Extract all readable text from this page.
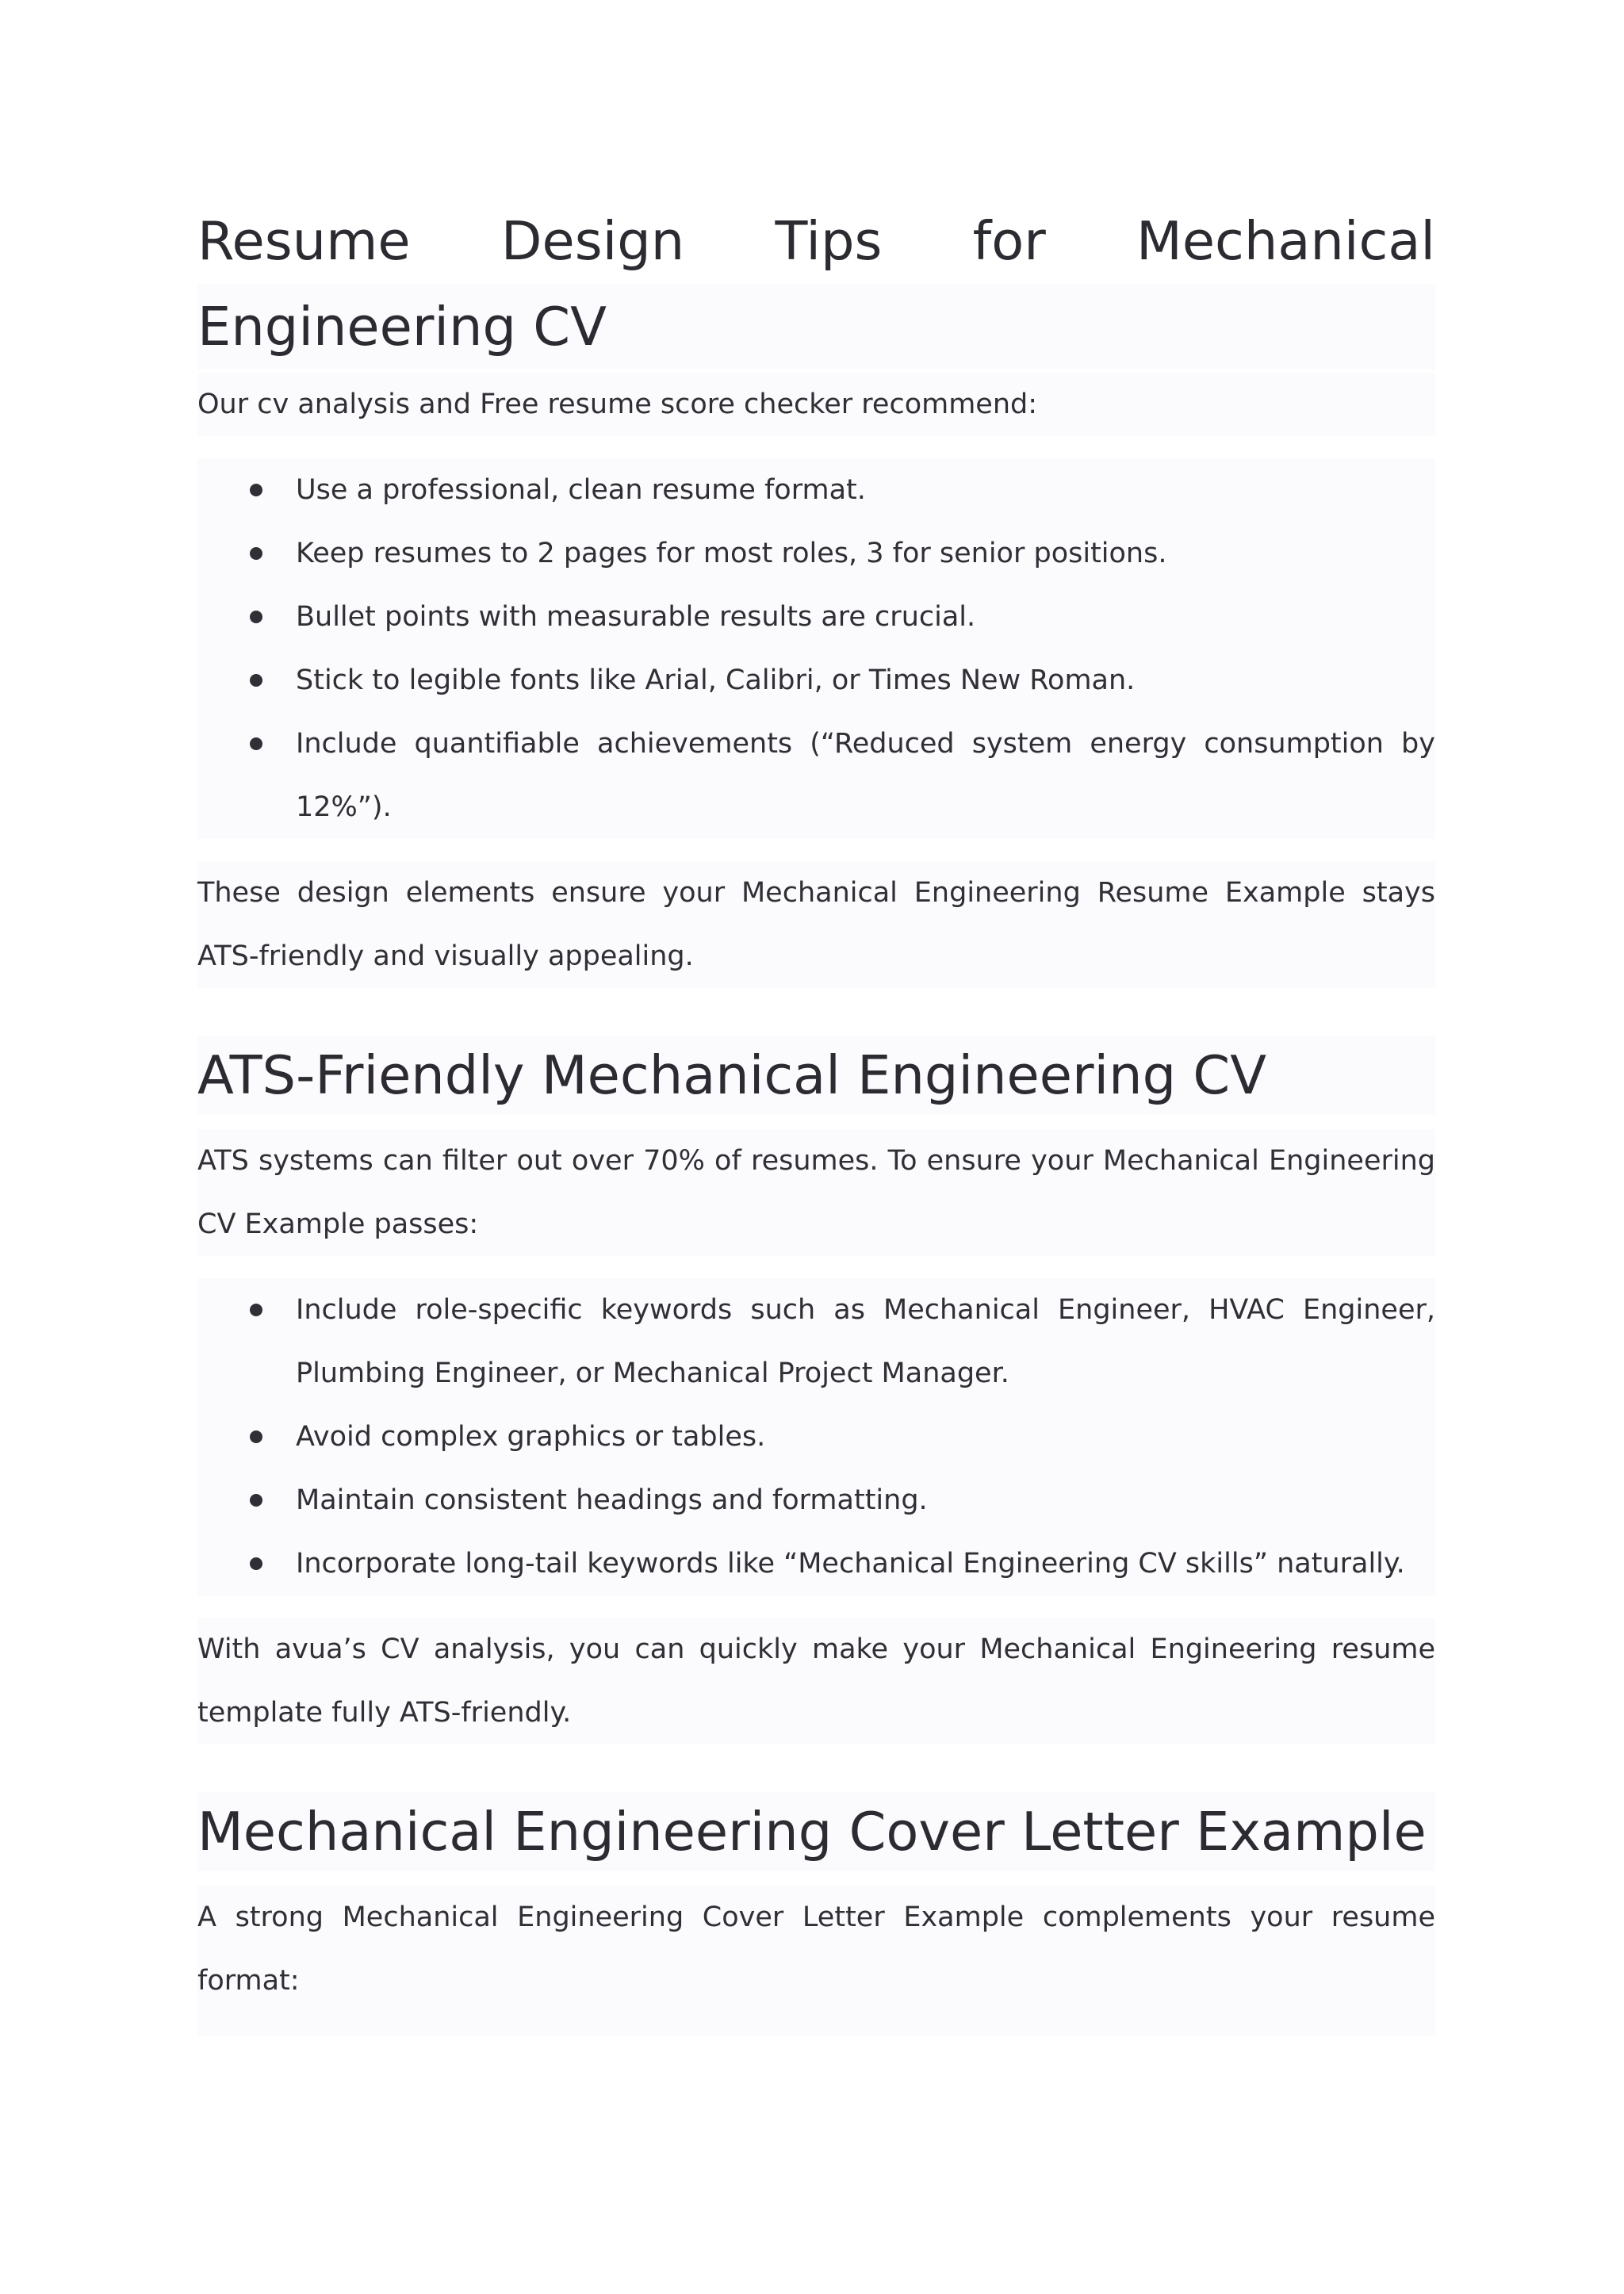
Resume Design Tips for Mechanical
Engineering CV

Our cv analysis and Free resume score checker recommend:

Use a professional, clean resume format.
Keep resumes to 2 pages for most roles, 3 for senior positions.
Bullet points with measurable results are crucial.
Stick to legible fonts like Arial, Calibri, or Times New Roman.
Include quantifiable achievements (“Reduced system energy consumption by 12%”).

These design elements ensure your Mechanical Engineering Resume Example stays ATS-friendly and visually appealing.

ATS-Friendly Mechanical Engineering CV

ATS systems can filter out over 70% of resumes. To ensure your Mechanical Engineering CV Example passes:

Include role-specific keywords such as Mechanical Engineer, HVAC Engineer, Plumbing Engineer, or Mechanical Project Manager.
Avoid complex graphics or tables.
Maintain consistent headings and formatting.
Incorporate long-tail keywords like “Mechanical Engineering CV skills” naturally.

With avua’s CV analysis, you can quickly make your Mechanical Engineering resume template fully ATS-friendly.

Mechanical Engineering Cover Letter Example

A strong Mechanical Engineering Cover Letter Example complements your resume format:
